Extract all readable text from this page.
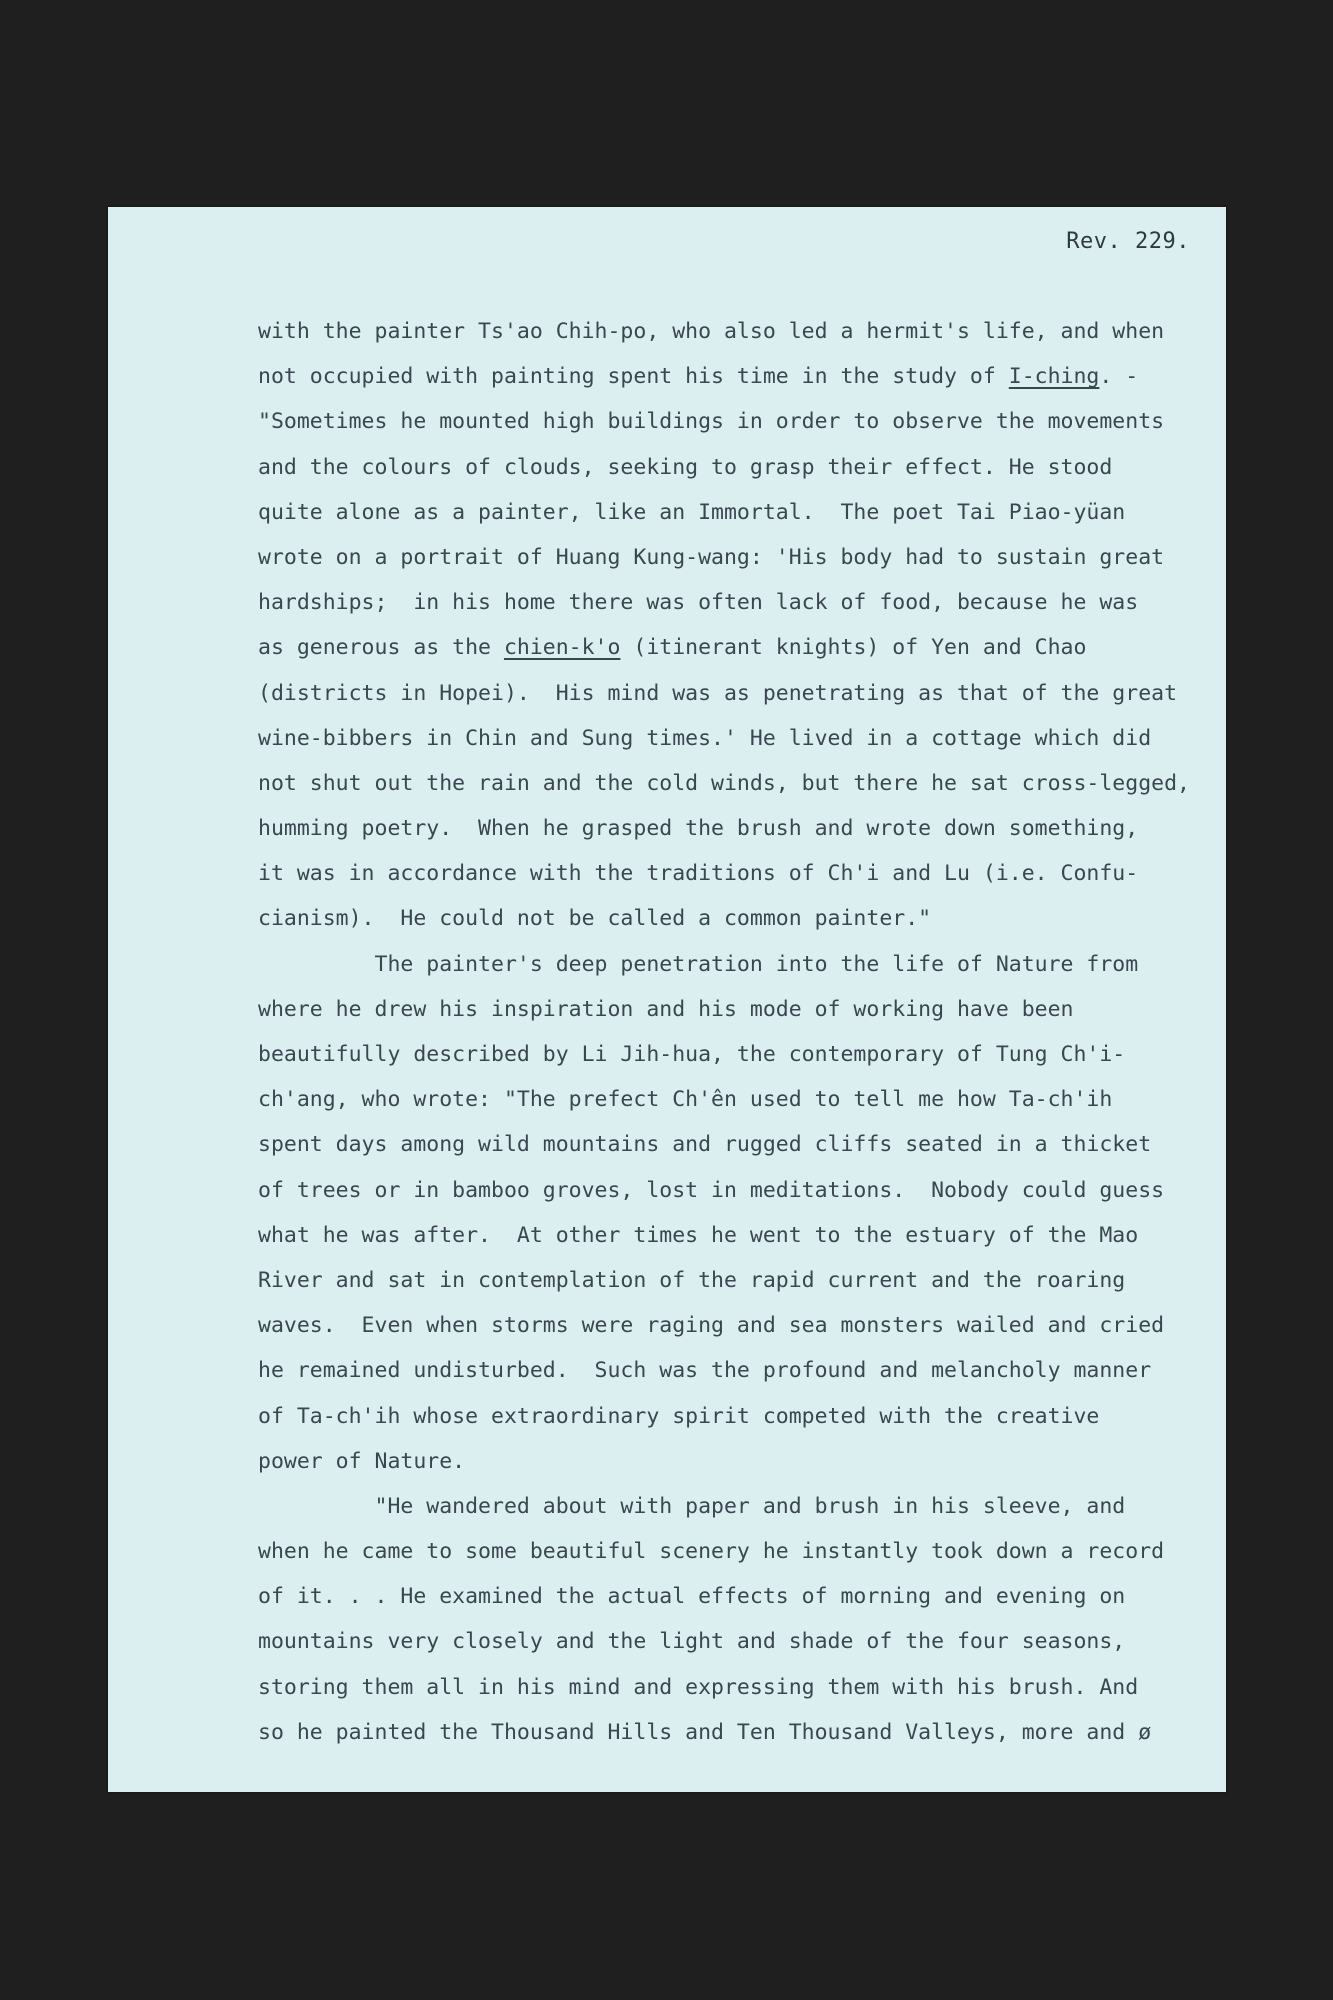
Rev. 229.
with the painter Ts'ao Chih-po, who also led a hermit's life, and when
not occupied with painting spent his time in the study of I-ching. -
"Sometimes he mounted high buildings in order to observe the movements
and the colours of clouds, seeking to grasp their effect. He stood
quite alone as a painter, like an Immortal.  The poet Tai Piao-yüan
wrote on a portrait of Huang Kung-wang: 'His body had to sustain great
hardships;  in his home there was often lack of food, because he was
as generous as the chien-k'o (itinerant knights) of Yen and Chao
(districts in Hopei).  His mind was as penetrating as that of the great
wine-bibbers in Chin and Sung times.' He lived in a cottage which did
not shut out the rain and the cold winds, but there he sat cross-legged,
humming poetry.  When he grasped the brush and wrote down something,
it was in accordance with the traditions of Ch'i and Lu (i.e. Confu-
cianism).  He could not be called a common painter."
The painter's deep penetration into the life of Nature from
where he drew his inspiration and his mode of working have been
beautifully described by Li Jih-hua, the contemporary of Tung Ch'i-
ch'ang, who wrote: "The prefect Ch'ên used to tell me how Ta-ch'ih
spent days among wild mountains and rugged cliffs seated in a thicket
of trees or in bamboo groves, lost in meditations.  Nobody could guess
what he was after.  At other times he went to the estuary of the Mao
River and sat in contemplation of the rapid current and the roaring
waves.  Even when storms were raging and sea monsters wailed and cried
he remained undisturbed.  Such was the profound and melancholy manner
of Ta-ch'ih whose extraordinary spirit competed with the creative
power of Nature.
"He wandered about with paper and brush in his sleeve, and
when he came to some beautiful scenery he instantly took down a record
of it. . . He examined the actual effects of morning and evening on
mountains very closely and the light and shade of the four seasons,
storing them all in his mind and expressing them with his brush. And
so he painted the Thousand Hills and Ten Thousand Valleys, more and ø
